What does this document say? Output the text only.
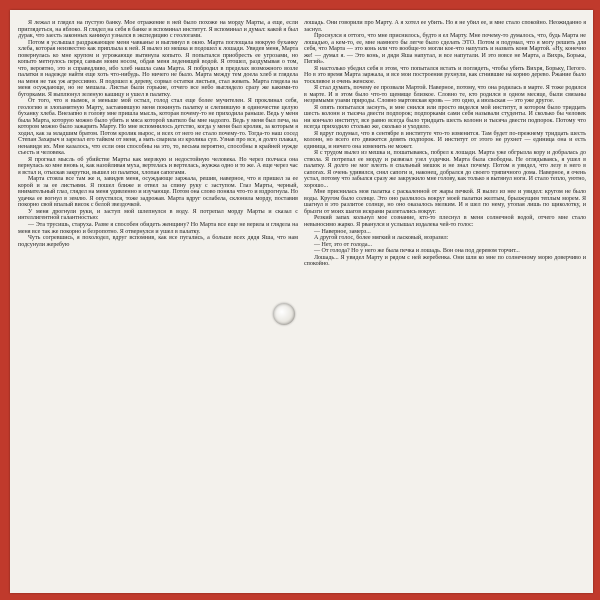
Я лежал и глядел на пустую банку. Мое отражение в ней было похоже на морду Марты, а еще, если приглядеться, на яблоко. Я глядел на себя в банке и вспоминал институт. Я вспоминал и думал: какой я был дурак, что заесть законных канику́л узнался в экспедицию с геологами.

Потом я услышал раздражающее меня чавканье и выглянул в окно. Марта поглощала мокрую буханку хлеба, которая неизвестно как приплыла к ней. Я вылез из мешка и подошел к лошади. Увидев меня, Марта повернулась ко мне крупом и угрожающе вытянула копыто. Я попытался приобресть ее угрозами, но копыто метнулось перед самым моим носом, обдав меня леденящей водой. Я отошел, раздумывая о том, что, вероятно, это и справедливо, ибо хлеб нашла сама Марта. Я побродил в пределах возможного возле палатки в надежде найти еще хоть что-нибудь. Но ничего не было. Марта между тем доела хлеб и глядела на меня не так уж агрессивно. Я подошел к дереву, сорвал остатки листьев, стал жевать. Марта глядела на меня осуждающе, но не мешала. Листья были горькие, отчего все небо выглядело сразу же какими-то бугорками. Я выплюнул зеленую кашицу и ушел в палатку.

От того, что я вымок, я меньше мой остыл, голод стал еще более мучителен. Я проклинал себя, геологию и злопамятную Марту, заставившую меня покинуть палатку и слепившую в одиночестве целую буханку хлеба. Внезапно в голову мне пришла мысль, которая почему-то не приходила раньше. Ведь у меня была Марта, которую можно было убить и мяса которой хватило бы мне надолго. Ведь у меня был печа, на котором можно было зажарить Марту. Но мне вспомнилось детство, когда у меня был кролик, за которым я ходил, как за младшим братом. Потом кролик вырос, и всех от него не стало почему-то. Тогда-то наш сосед Степан Захарыч и зарезал его тайком от меня, а мать сварила из кролика суп. Узнав про все, я долго плакал, ненавидя их. Мне казалось, что если они способны на это, то, весьма вероятно, способны в крайней нужде съесть и человека.

Я прогнал мысль об убийстве Марты как мерзкую и недостойную человека. Но через полчаса она вернулась ко мне вновь и, как назойливая муха, вертелась и вертелась, жужжа одно и то же. А еще через час я встал и, отыскав закрутки, вышел из палатки, хлопая сапогами.

Марта стояла все там же и, завидев меня, осуждающе заржала, решив, наверное, что я пришел за ее корой и за ее листьями. Я пошел ближе и отвел за спину руку с заступом. Глаз Марты, черный, внимательный глаз, глядел на меня удивленно и изучающе. Потом она слово поняла что-то и вздрогнула. Но удачка ее вогнул в землю. Я опустился, тоже задрожав. Марта вдруг ослабела, склонила морду, поставив покорно свой впалый висок с белой звездочкой.

У меня дрогнули руки, и заступ мой шлепнулся в воду. Я потрепал морду Марты и сказал с интеллигентной галантностью:

— Эта трусишь, старуха. Разве я способен обидеть женщину? Но Марта все еще не верила и глядела на меня все так же покорно и безропотно. Я отвернулся и ушел в палатку.

Чуть согревшись, я похолодел, вдруг вспомнив, как все пугались, а больше всех дядя Яша, что нам подсунули жеребую

лошадь. Они говорили про Марту. А я хотел ее убить. Но я не убил ее, и мне стало спокойно. Неожиданно я заснул.

Проснулся я оттого, что мне приснилось, будто я ел Марту. Мне почему-то думалось, что, будь Марта не лошадью, а кем-то, ее, мне намного бы легче было сделать ЭТО. Потом я подумал, что я могу решить для себя, что Марта — это конь или что вообще-то могли кое-что напутать и назвать коня Мартой. «Ну, конечно же! — думал я. — Это конь, и дядя Яша напутал, и все напутали. И это вовсе не Марта, а Вихрь, Борька, Пегий».

Я настолько убедил себя в этом, что попытался встать и поглядеть, чтобы убить Вихря, Борьку, Пегого. Но в это время Марта заржала, и все мои построения рухнули, как сгнившие на корню дерево. Ржание было тоскливое и очень женское.

Я стал думать, почему ее прозвали Мартой. Наверное, потому, что она родилась в марте. Я тоже родился в марте. И в этом было что-то щемяще близкое. Словно те, кто родился в одном месяце, были связаны незримыми узами природы. Словно мартовская кровь — это одно, а июльская — это уже другое.

Я опять попытался заснуть, и мне снился или просто виделся мой институт, в котором было тридцать шесть колонн и тысяча двести подпорок; подпорками сами себя называли студенты. И сколько бы человек ни кончало институт, все равно всегда было тридцать шесть колонн и тысяча двести подпорок. Потому что всегда приходило столько же, сколько и уходило.

Я вдруг подумал, что в сентябре в институте что-то изменится. Там будет по-прежнему тридцать шесть колонн, но всего его движется девять подпорок. И институт от этого не рухнет — единица она и есть единица, и ничего она изменить не может.

Я с трудом вылез из мешка и, пошатываясь, побрел к лошади. Марта уже обгрызла кору и добралась до ствола. Я потрепал ее морду и развязал узел уздечки. Марта была свободна. Не оглядываясь, я ушел в палатку. Я долго не мог влезть в спальный мешок и не знал почему. Потом я увидел, что лезу в него в сапогах. Я очень удивился, снял сапоги и, наконец, добрался до своего тряпичного дома. Наверное, я очень устал, потому что забылся сразу же закружило мне голову, как только я вытянул ноги. И стало тепло, уютно, хорошо...

Мне приснилась моя палатка с раскаленной от жары печкой. Я вылез из нее и увидел: кругом не было воды. Кругом было солнце. Это оно разлилось вокруг моей палатки желтым, брызжущим теплым морем. Я шагнул в это разлитое солнце, но оно оказалось мелким. И я шел по нему, утопая лишь по щиколотку, и брызги от моих шагов искрами разлетались вокруг.

Резкий запах кольнул мое сознание, кто-то плеснул в меня солнечной водой, отчего мне стало невыносимо жарко. Я рванулся и услышал издалека чей-то голос:

— Наверное, замерз...

А другой голос, более мягкий и ласковый, возразил:

— Нет, это от голода...

— От голода? Но у него же была печка и лошадь. Вон она под деревом торчит...

Лошадь... Я увидел Марту и рядом с ней жеребенка. Они шли ко мне по солнечному морю доверчиво и спокойно.
